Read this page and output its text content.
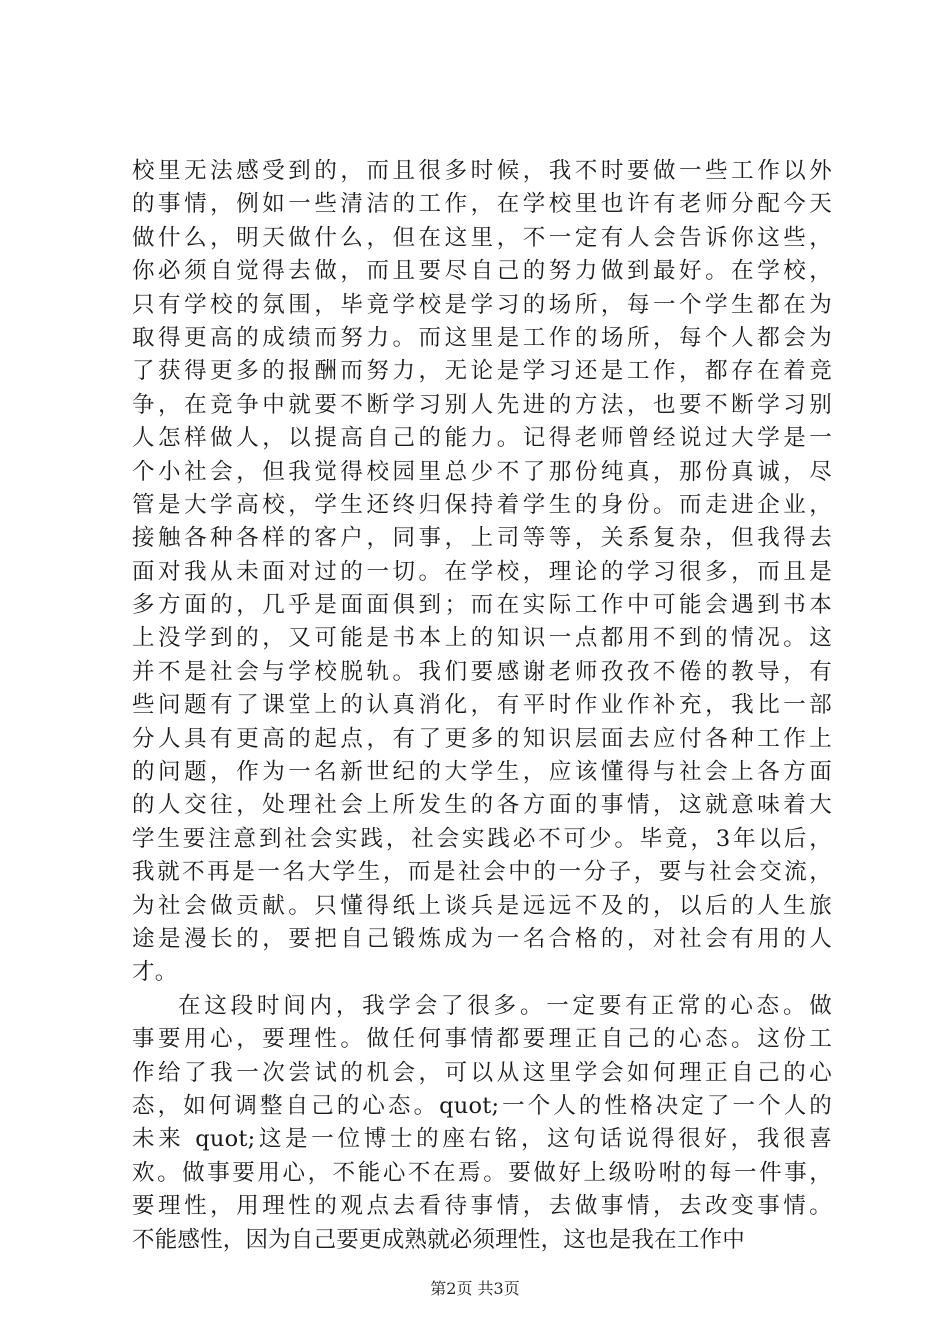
校里无法感受到的，而且很多时候，我不时要做一些工作以外
的事情，例如一些清洁的工作，在学校里也许有老师分配今天
做什么，明天做什么，但在这里，不一定有人会告诉你这些，
你必须自觉得去做，而且要尽自己的努力做到最好。在学校，
只有学校的氛围，毕竟学校是学习的场所，每一个学生都在为
取得更高的成绩而努力。而这里是工作的场所，每个人都会为
了获得更多的报酬而努力，无论是学习还是工作，都存在着竞
争，在竞争中就要不断学习别人先进的方法，也要不断学习别
人怎样做人，以提高自己的能力。记得老师曾经说过大学是一
个小社会，但我觉得校园里总少不了那份纯真，那份真诚，尽
管是大学高校，学生还终归保持着学生的身份。而走进企业，
接触各种各样的客户，同事，上司等等，关系复杂，但我得去
面对我从未面对过的一切。在学校，理论的学习很多，而且是
多方面的，几乎是面面俱到；而在实际工作中可能会遇到书本
上没学到的，又可能是书本上的知识一点都用不到的情况。这
并不是社会与学校脱轨。我们要感谢老师孜孜不倦的教导，有
些问题有了课堂上的认真消化，有平时作业作补充，我比一部
分人具有更高的起点，有了更多的知识层面去应付各种工作上
的问题，作为一名新世纪的大学生，应该懂得与社会上各方面
的人交往，处理社会上所发生的各方面的事情，这就意味着大
学生要注意到社会实践，社会实践必不可少。毕竟，3年以后，
我就不再是一名大学生，而是社会中的一分子，要与社会交流，
为社会做贡献。只懂得纸上谈兵是远远不及的，以后的人生旅
途是漫长的，要把自己锻炼成为一名合格的，对社会有用的人
才。
在这段时间内，我学会了很多。一定要有正常的心态。做
事要用心，要理性。做任何事情都要理正自己的心态。这份工
作给了我一次尝试的机会，可以从这里学会如何理正自己的心
态，如何调整自己的心态。quot;一个人的性格决定了一个人的
未来 quot;这是一位博士的座右铭，这句话说得很好，我很喜
欢。做事要用心，不能心不在焉。要做好上级吩咐的每一件事，
要理性，用理性的观点去看待事情，去做事情，去改变事情。
不能感性，因为自己要更成熟就必须理性，这也是我在工作中
第2页 共3页
